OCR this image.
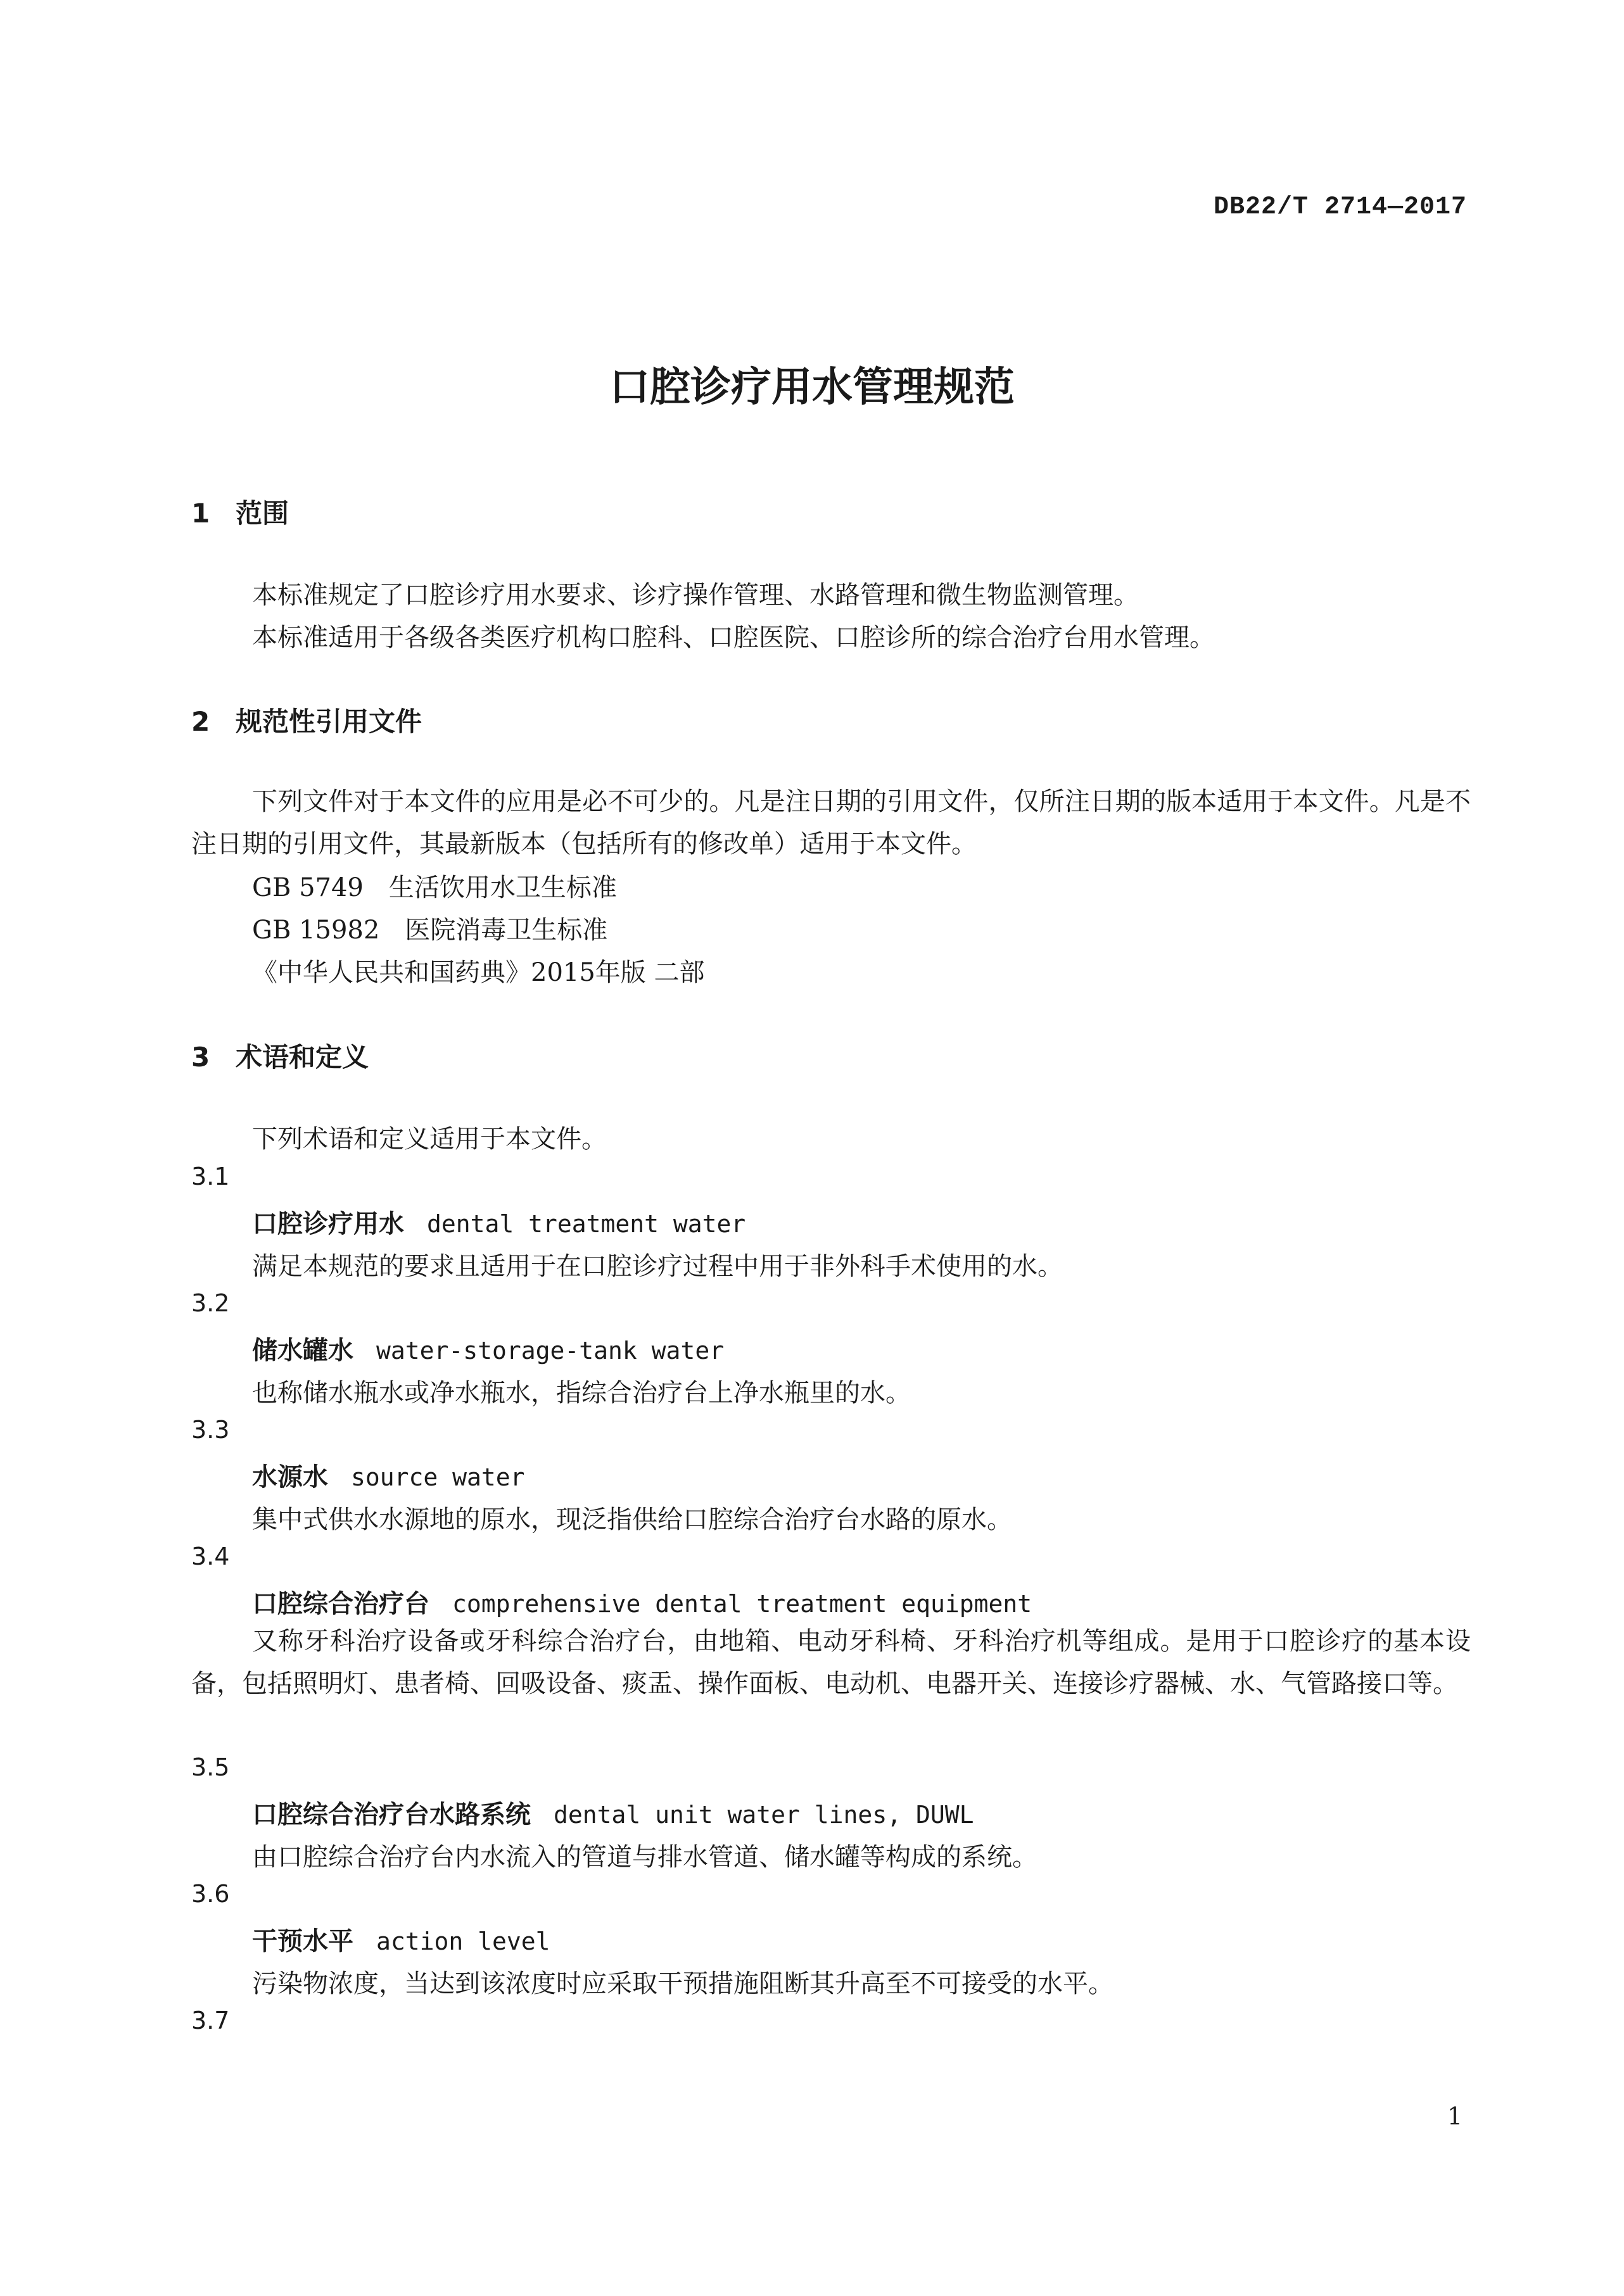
DB22/T 2714—2017
口腔诊疗用水管理规范
1 范围

本标准规定了口腔诊疗用水要求、诊疗操作管理、水路管理和微生物监测管理。

本标准适用于各级各类医疗机构口腔科、口腔医院、口腔诊所的综合治疗台用水管理。

2 规范性引用文件

下列文件对于本文件的应用是必不可少的。凡是注日期的引用文件，仅所注日期的版本适用于本文件。凡是不注日期的引用文件，其最新版本（包括所有的修改单）适用于本文件。

GB 5749　生活饮用水卫生标准

GB 15982　医院消毒卫生标准

《中华人民共和国药典》2015年版 二部

3 术语和定义

下列术语和定义适用于本文件。

3.1

口腔诊疗用水 dental treatment water

满足本规范的要求且适用于在口腔诊疗过程中用于非外科手术使用的水。

3.2

储水罐水 water-storage-tank water

也称储水瓶水或净水瓶水，指综合治疗台上净水瓶里的水。

3.3

水源水 source water

集中式供水水源地的原水，现泛指供给口腔综合治疗台水路的原水。

3.4

口腔综合治疗台 comprehensive dental treatment equipment

又称牙科治疗设备或牙科综合治疗台，由地箱、电动牙科椅、牙科治疗机等组成。是用于口腔诊疗的基本设备，包括照明灯、患者椅、回吸设备、痰盂、操作面板、电动机、电器开关、连接诊疗器械、水、气管路接口等。

3.5

口腔综合治疗台水路系统 dental unit water lines, DUWL

由口腔综合治疗台内水流入的管道与排水管道、储水罐等构成的系统。

3.6

干预水平 action level

污染物浓度，当达到该浓度时应采取干预措施阻断其升高至不可接受的水平。

3.7

1
